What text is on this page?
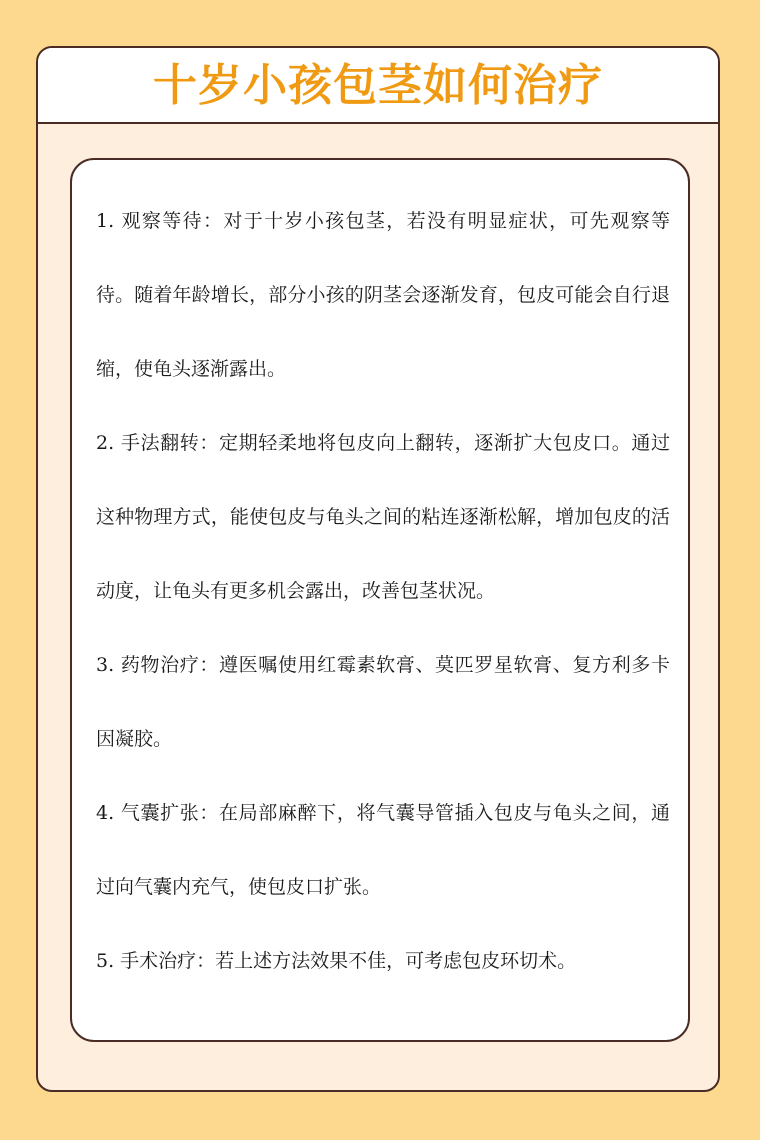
十岁小孩包茎如何治疗

1. 观察等待：对于十岁小孩包茎，若没有明显症状，可先观察等待。随着年龄增长，部分小孩的阴茎会逐渐发育，包皮可能会自行退缩，使龟头逐渐露出。

2. 手法翻转：定期轻柔地将包皮向上翻转，逐渐扩大包皮口。通过这种物理方式，能使包皮与龟头之间的粘连逐渐松解，增加包皮的活动度，让龟头有更多机会露出，改善包茎状况。

3. 药物治疗：遵医嘱使用红霉素软膏、莫匹罗星软膏、复方利多卡因凝胶。

4. 气囊扩张：在局部麻醉下，将气囊导管插入包皮与龟头之间，通过向气囊内充气，使包皮口扩张。

5. 手术治疗：若上述方法效果不佳，可考虑包皮环切术。
